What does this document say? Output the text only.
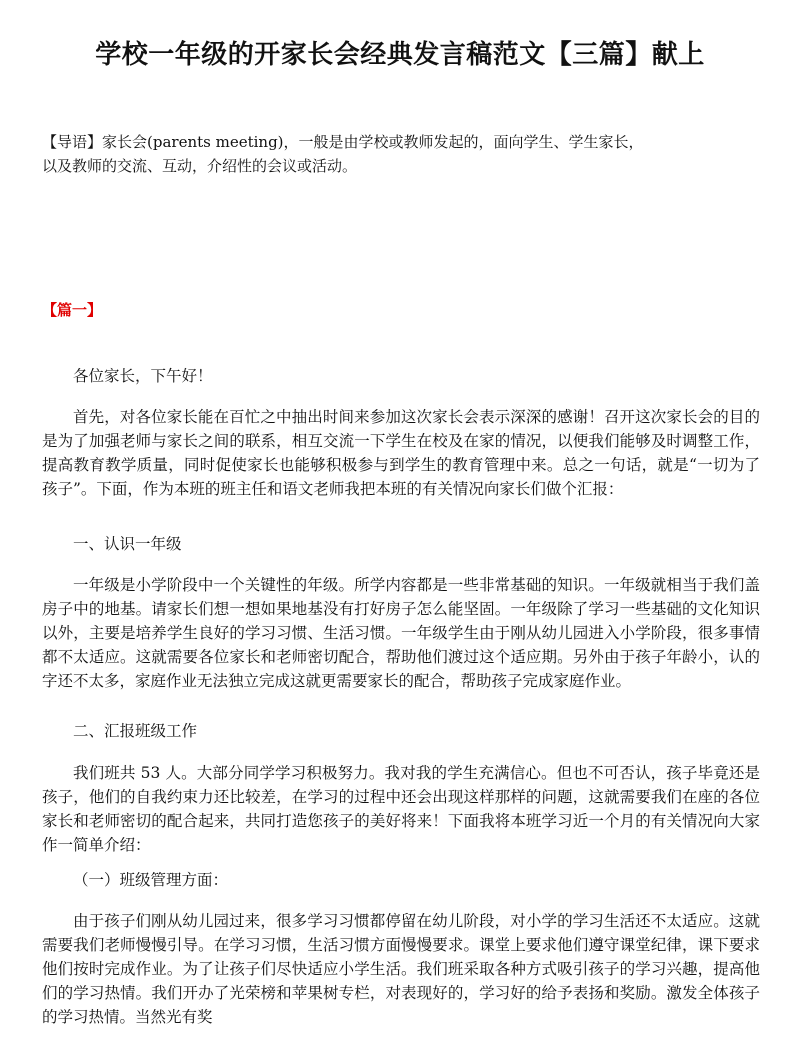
学校一年级的开家长会经典发言稿范文【三篇】献上
【导语】家长会(parents meeting)，一般是由学校或教师发起的，面向学生、学生家长，
以及教师的交流、互动，介绍性的会议或活动。
【篇一】
各位家长，下午好！
首先，对各位家长能在百忙之中抽出时间来参加这次家长会表示深深的感谢！召开这次家长会的目的是为了加强老师与家长之间的联系，相互交流一下学生在校及在家的情况，以便我们能够及时调整工作，提高教育教学质量，同时促使家长也能够积极参与到学生的教育管理中来。总之一句话，就是“一切为了孩子”。下面，作为本班的班主任和语文老师我把本班的有关情况向家长们做个汇报：
一、认识一年级
一年级是小学阶段中一个关键性的年级。所学内容都是一些非常基础的知识。一年级就相当于我们盖房子中的地基。请家长们想一想如果地基没有打好房子怎么能坚固。一年级除了学习一些基础的文化知识以外，主要是培养学生良好的学习习惯、生活习惯。一年级学生由于刚从幼儿园进入小学阶段，很多事情都不太适应。这就需要各位家长和老师密切配合，帮助他们渡过这个适应期。另外由于孩子年龄小，认的字还不太多，家庭作业无法独立完成这就更需要家长的配合，帮助孩子完成家庭作业。
二、汇报班级工作
我们班共 53 人。大部分同学学习积极努力。我对我的学生充满信心。但也不可否认，孩子毕竟还是孩子，他们的自我约束力还比较差，在学习的过程中还会出现这样那样的问题，这就需要我们在座的各位家长和老师密切的配合起来，共同打造您孩子的美好将来！下面我将本班学习近一个月的有关情况向大家作一简单介绍：
（一）班级管理方面：
由于孩子们刚从幼儿园过来，很多学习习惯都停留在幼儿阶段，对小学的学习生活还不太适应。这就需要我们老师慢慢引导。在学习习惯，生活习惯方面慢慢要求。课堂上要求他们遵守课堂纪律，课下要求他们按时完成作业。为了让孩子们尽快适应小学生活。我们班采取各种方式吸引孩子的学习兴趣，提高他们的学习热情。我们开办了光荣榜和苹果树专栏，对表现好的，学习好的给予表扬和奖励。激发全体孩子的学习热情。当然光有奖
